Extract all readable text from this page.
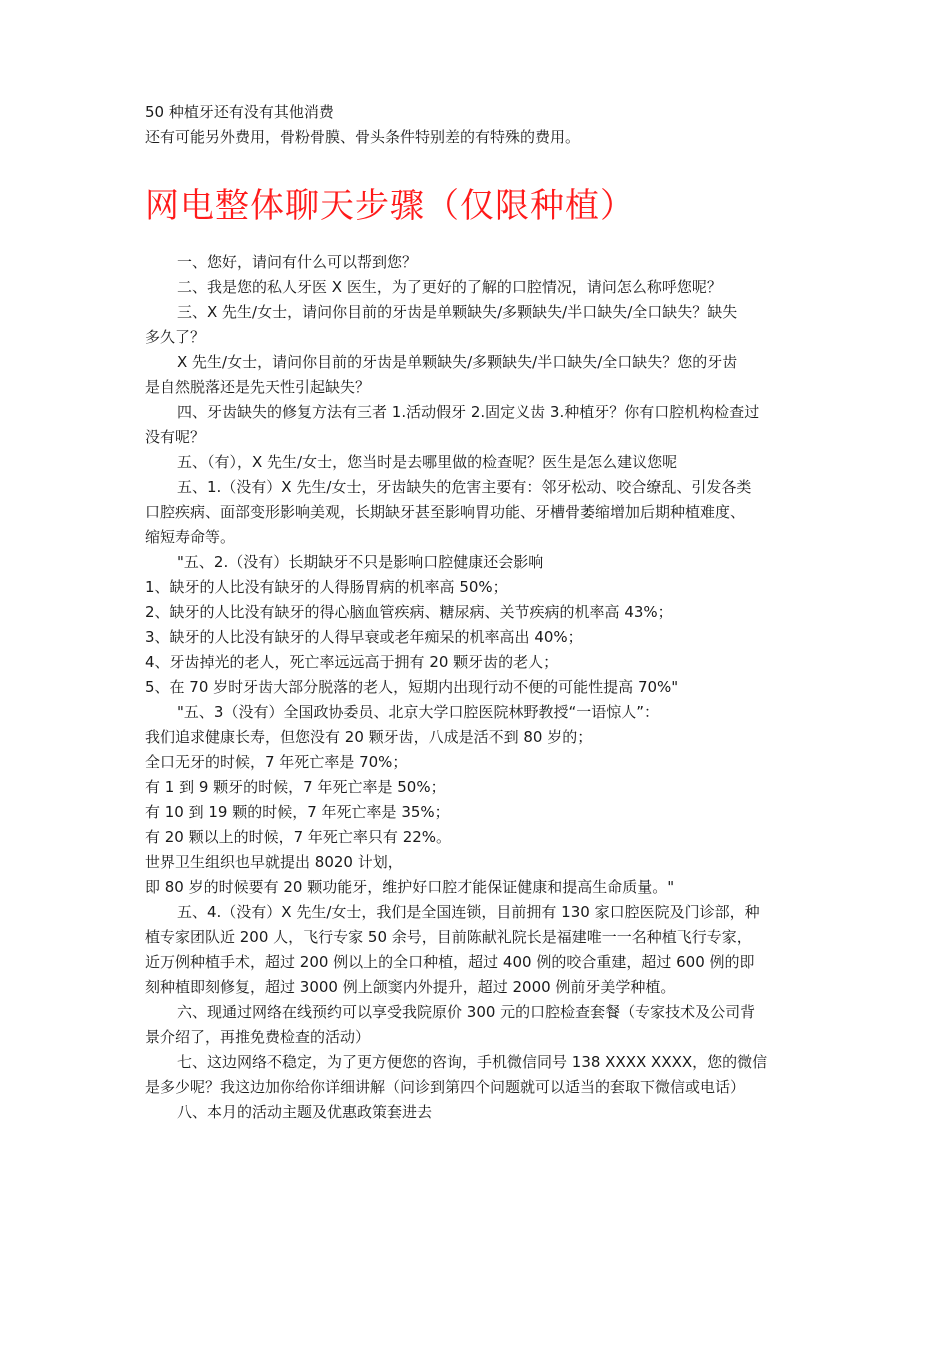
50 种植牙还有没有其他消费
还有可能另外费用，骨粉骨膜、骨头条件特别差的有特殊的费用。
网电整体聊天步骤（仅限种植）
一、您好，请问有什么可以帮到您？
二、我是您的私人牙医 X 医生，为了更好的了解的口腔情况，请问怎么称呼您呢？
三、X 先生/女士，请问你目前的牙齿是单颗缺失/多颗缺失/半口缺失/全口缺失？缺失
多久了？
X 先生/女士，请问你目前的牙齿是单颗缺失/多颗缺失/半口缺失/全口缺失？您的牙齿
是自然脱落还是先天性引起缺失？
四、牙齿缺失的修复方法有三者 1.活动假牙 2.固定义齿 3.种植牙？你有口腔机构检查过
没有呢？
五、（有），X 先生/女士，您当时是去哪里做的检查呢？医生是怎么建议您呢
五、1.（没有）X 先生/女士，牙齿缺失的危害主要有：邻牙松动、咬合缭乱、引发各类
口腔疾病、面部变形影响美观，长期缺牙甚至影响胃功能、牙槽骨萎缩增加后期种植难度、
缩短寿命等。
"五、2.（没有）长期缺牙不只是影响口腔健康还会影响
1、缺牙的人比没有缺牙的人得肠胃病的机率高 50%；
2、缺牙的人比没有缺牙的得心脑血管疾病、糖尿病、关节疾病的机率高 43%；
3、缺牙的人比没有缺牙的人得早衰或老年痴呆的机率高出 40%；
4、牙齿掉光的老人，死亡率远远高于拥有 20 颗牙齿的老人；
5、在 70 岁时牙齿大部分脱落的老人，短期内出现行动不便的可能性提高 70%"
"五、3（没有）全国政协委员、北京大学口腔医院林野教授“一语惊人”：
我们追求健康长寿，但您没有 20 颗牙齿，八成是活不到 80 岁的；
全口无牙的时候，7 年死亡率是 70%；
有 1 到 9 颗牙的时候，7 年死亡率是 50%；
有 10 到 19 颗的时候，7 年死亡率是 35%；
有 20 颗以上的时候，7 年死亡率只有 22%。
世界卫生组织也早就提出 8020 计划，
即 80 岁的时候要有 20 颗功能牙，维护好口腔才能保证健康和提高生命质量。"
五、4.（没有）X 先生/女士，我们是全国连锁，目前拥有 130 家口腔医院及门诊部，种
植专家团队近 200 人，飞行专家 50 余号，目前陈献礼院长是福建唯一一名种植飞行专家，
近万例种植手术，超过 200 例以上的全口种植，超过 400 例的咬合重建，超过 600 例的即
刻种植即刻修复，超过 3000 例上颌窦内外提升，超过 2000 例前牙美学种植。
六、现通过网络在线预约可以享受我院原价 300 元的口腔检查套餐（专家技术及公司背
景介绍了，再推免费检查的活动）
七、这边网络不稳定，为了更方便您的咨询，手机微信同号 138 XXXX XXXX，您的微信
是多少呢？我这边加你给你详细讲解（问诊到第四个问题就可以适当的套取下微信或电话）
八、本月的活动主题及优惠政策套进去
